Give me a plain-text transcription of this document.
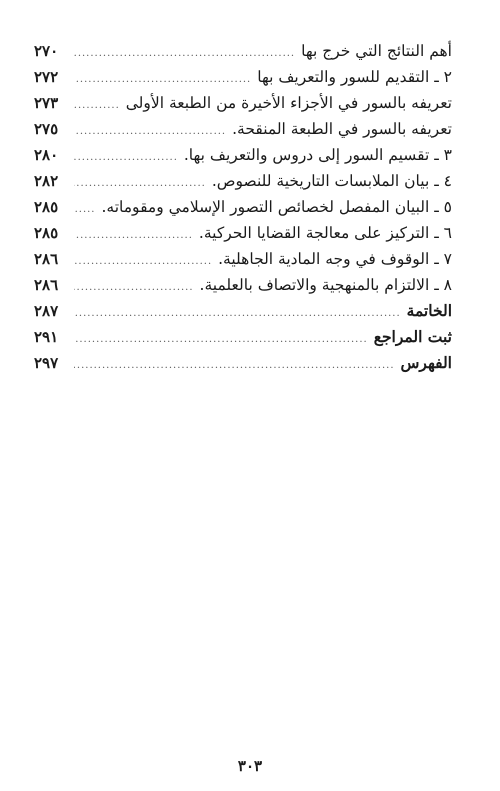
أهم النتائج التي خرج بها
.....
٢٧٠
٢ ـ التقديم للسور والتعريف بها
.....
٢٧٢
تعريفه بالسور في الأجزاء الأخيرة من الطبعة الأولى
.....
٢٧٣
تعريفه بالسور في الطبعة المنقحة.
.....
٢٧٥
٣ ـ تقسيم السور إلى دروس والتعريف بها.
.....
٢٨٠
٤ ـ بيان الملابسات التاريخية للنصوص.
.....
٢٨٢
٥ ـ البيان المفصل لخصائص التصور الإسلامي ومقوماته.
.....
٢٨٥
٦ ـ التركيز على معالجة القضايا الحركية.
.....
٢٨٥
٧ ـ الوقوف في وجه المادية الجاهلية.
.....
٢٨٦
٨ ـ الالتزام بالمنهجية والاتصاف بالعلمية.
.....
٢٨٦
الخاتمة
.....
٢٨٧
ثبت المراجع
.....
٢٩١
الفهرس
.....
٢٩٧
٣٠٣
